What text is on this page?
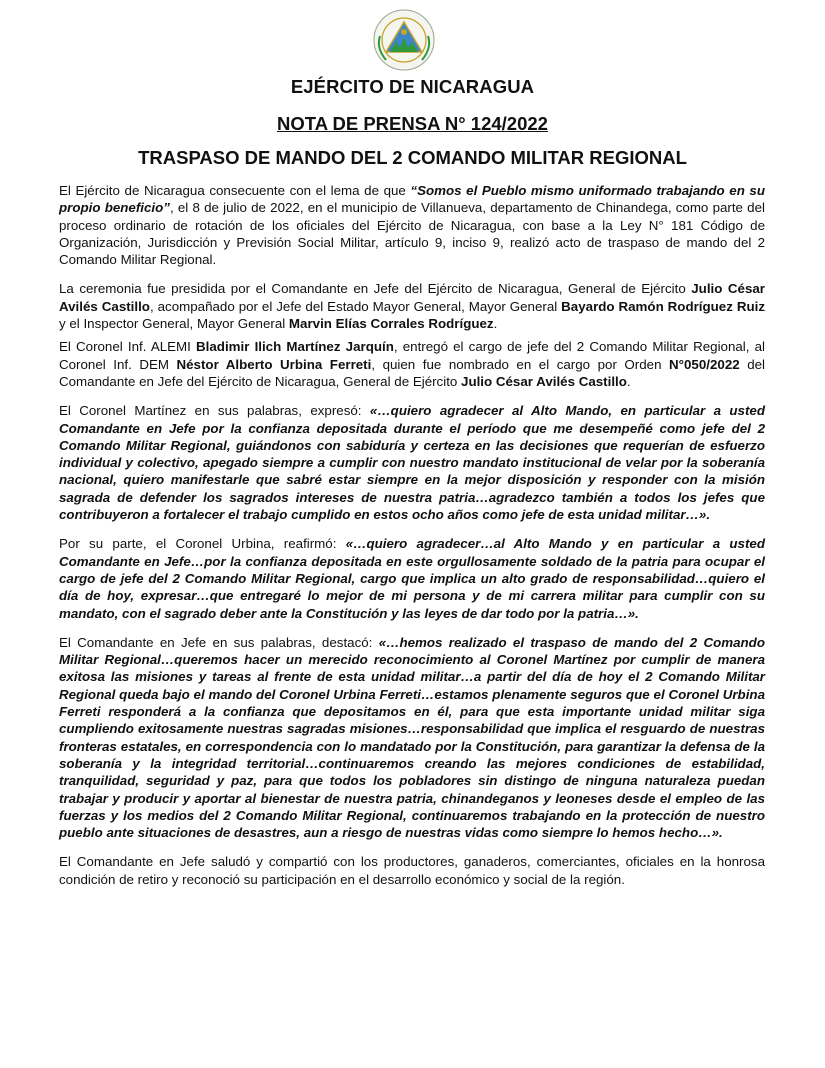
EJÉRCITO DE NICARAGUA
NOTA DE PRENSA N° 124/2022
TRASPASO DE MANDO DEL 2 COMANDO MILITAR REGIONAL

El Ejército de Nicaragua consecuente con el lema de que “Somos el Pueblo mismo uniformado trabajando en su propio beneficio”, el 8 de julio de 2022, en el municipio de Villanueva, departamento de Chinandega, como parte del proceso ordinario de rotación de los oficiales del Ejército de Nicaragua, con base a la Ley N° 181 Código de Organización, Jurisdicción y Previsión Social Militar, artículo 9, inciso 9, realizó acto de traspaso de mando del 2 Comando Militar Regional.

La ceremonia fue presidida por el Comandante en Jefe del Ejército de Nicaragua, General de Ejército Julio César Avilés Castillo, acompañado por el Jefe del Estado Mayor General, Mayor General Bayardo Ramón Rodríguez Ruiz y el Inspector General, Mayor General Marvin Elías Corrales Rodríguez.

El Coronel Inf. ALEMI Bladimir Ilich Martínez Jarquín, entregó el cargo de jefe del 2 Comando Militar Regional, al Coronel Inf. DEM Néstor Alberto Urbina Ferreti, quien fue nombrado en el cargo por Orden N°050/2022 del Comandante en Jefe del Ejército de Nicaragua, General de Ejército Julio César Avilés Castillo.

El Coronel Martínez en sus palabras, expresó: «…quiero agradecer al Alto Mando, en particular a usted Comandante en Jefe por la confianza depositada durante el período que me desempeñé como jefe del 2 Comando Militar Regional, guiándonos con sabiduría y certeza en las decisiones que requerían de esfuerzo individual y colectivo, apegado siempre a cumplir con nuestro mandato institucional de velar por la soberanía nacional, quiero manifestarle que sabré estar siempre en la mejor disposición y responder con la misión sagrada de defender los sagrados intereses de nuestra patria…agradezco también a todos los jefes que contribuyeron a fortalecer el trabajo cumplido en estos ocho años como jefe de esta unidad militar…».

Por su parte, el Coronel Urbina, reafirmó: «…quiero agradecer…al Alto Mando y en particular a usted Comandante en Jefe…por la confianza depositada en este orgullosamente soldado de la patria para ocupar el cargo de jefe del 2 Comando Militar Regional, cargo que implica un alto grado de responsabilidad…quiero el día de hoy, expresar…que entregaré lo mejor de mi persona y de mi carrera militar para cumplir con su mandato, con el sagrado deber ante la Constitución y las leyes de dar todo por la patria…».

El Comandante en Jefe en sus palabras, destacó: «…hemos realizado el traspaso de mando del 2 Comando Militar Regional…queremos hacer un merecido reconocimiento al Coronel Martínez por cumplir de manera exitosa las misiones y tareas al frente de esta unidad militar…a partir del día de hoy el 2 Comando Militar Regional queda bajo el mando del Coronel Urbina Ferreti…estamos plenamente seguros que el Coronel Urbina Ferreti responderá a la confianza que depositamos en él, para que esta importante unidad militar siga cumpliendo exitosamente nuestras sagradas misiones…responsabilidad que implica el resguardo de nuestras fronteras estatales, en correspondencia con lo mandatado por la Constitución, para garantizar la defensa de la soberanía y la integridad territorial…continuaremos creando las mejores condiciones de estabilidad, tranquilidad, seguridad y paz, para que todos los pobladores sin distingo de ninguna naturaleza puedan trabajar y producir y aportar al bienestar de nuestra patria, chinandeganos y leoneses desde el empleo de las fuerzas y los medios del 2 Comando Militar Regional, continuaremos trabajando en la protección de nuestro pueblo ante situaciones de desastres, aun a riesgo de nuestras vidas como siempre lo hemos hecho…».

El Comandante en Jefe saludó y compartió con los productores, ganaderos, comerciantes, oficiales en la honrosa condición de retiro y reconoció su participación en el desarrollo económico y social de la región.
